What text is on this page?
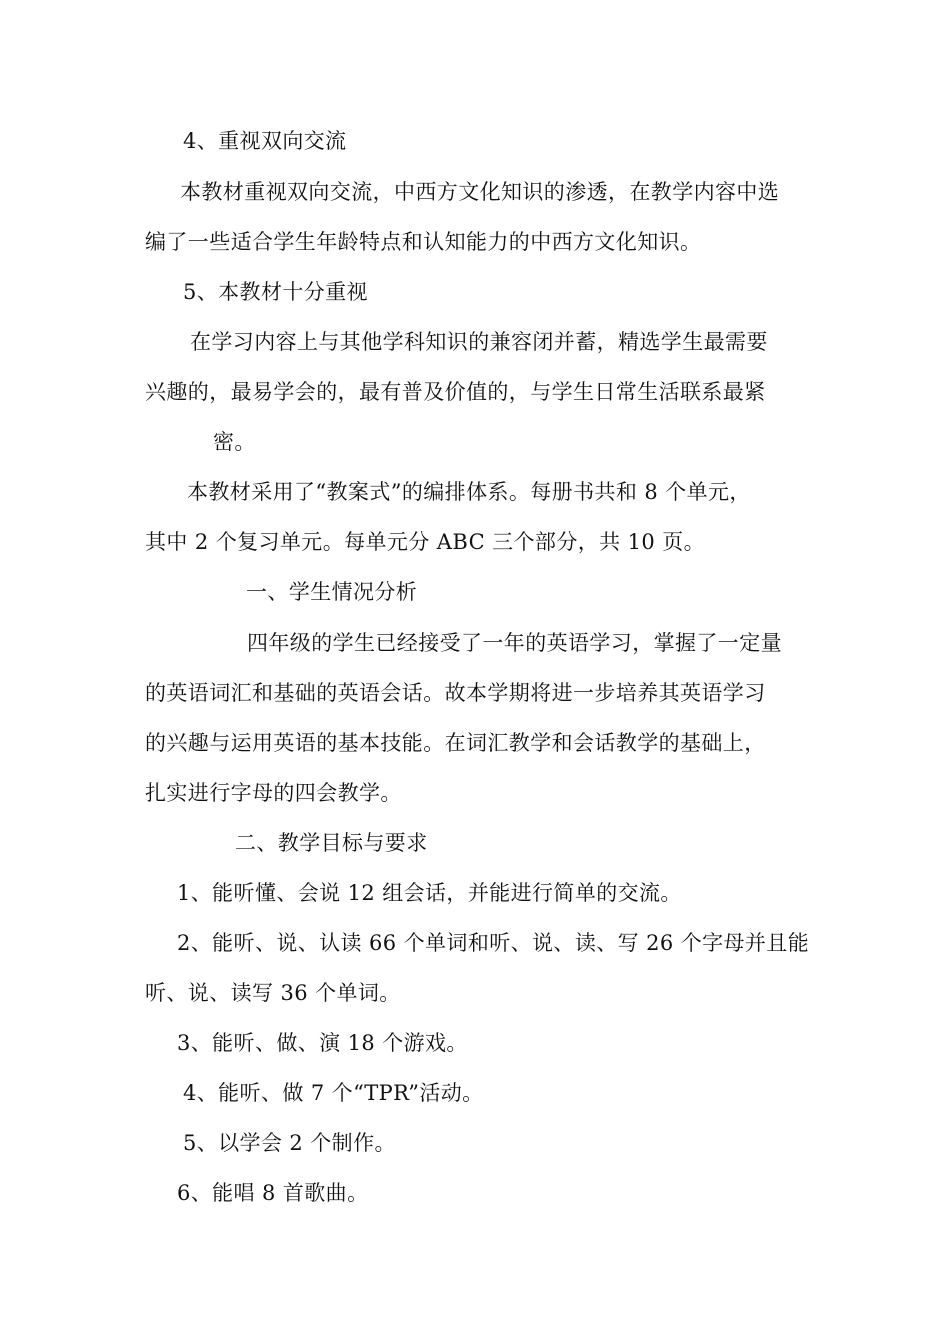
4、重视双向交流
本教材重视双向交流，中西方文化知识的渗透，在教学内容中选
编了一些适合学生年龄特点和认知能力的中西方文化知识。
5、本教材十分重视
在学习内容上与其他学科知识的兼容闭并蓄，精选学生最需要
兴趣的，最易学会的，最有普及价值的，与学生日常生活联系最紧
密。
本教材采用了“教案式”的编排体系。每册书共和 8 个单元，
其中 2 个复习单元。每单元分 ABC 三个部分，共 10 页。
一、学生情况分析
四年级的学生已经接受了一年的英语学习，掌握了一定量
的英语词汇和基础的英语会话。故本学期将进一步培养其英语学习
的兴趣与运用英语的基本技能。在词汇教学和会话教学的基础上，
扎实进行字母的四会教学。
二、教学目标与要求
1、能听懂、会说 12 组会话，并能进行简单的交流。
2、能听、说、认读 66 个单词和听、说、读、写 26 个字母并且能
听、说、读写 36 个单词。
3、能听、做、演 18 个游戏。
4、能听、做 7 个“TPR”活动。
5、以学会 2 个制作。
6、能唱 8 首歌曲。
